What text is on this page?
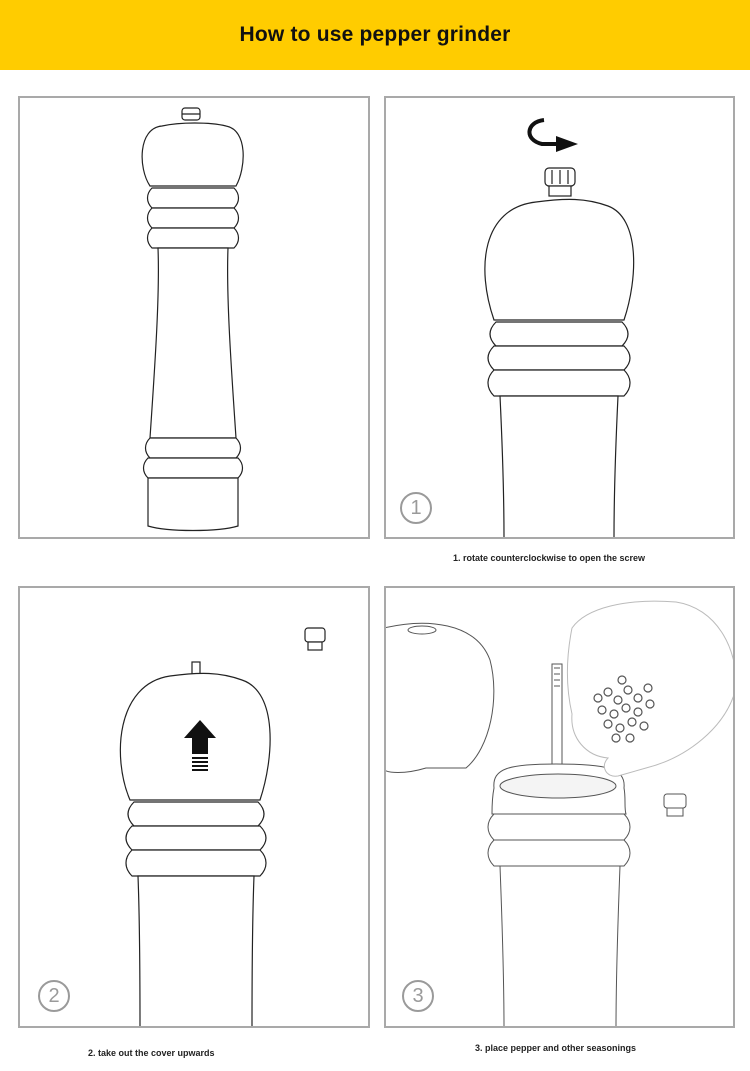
How to use pepper grinder
1
1. rotate counterclockwise to open the screw
2
2. take out the cover upwards
3
3. place pepper and other seasonings
